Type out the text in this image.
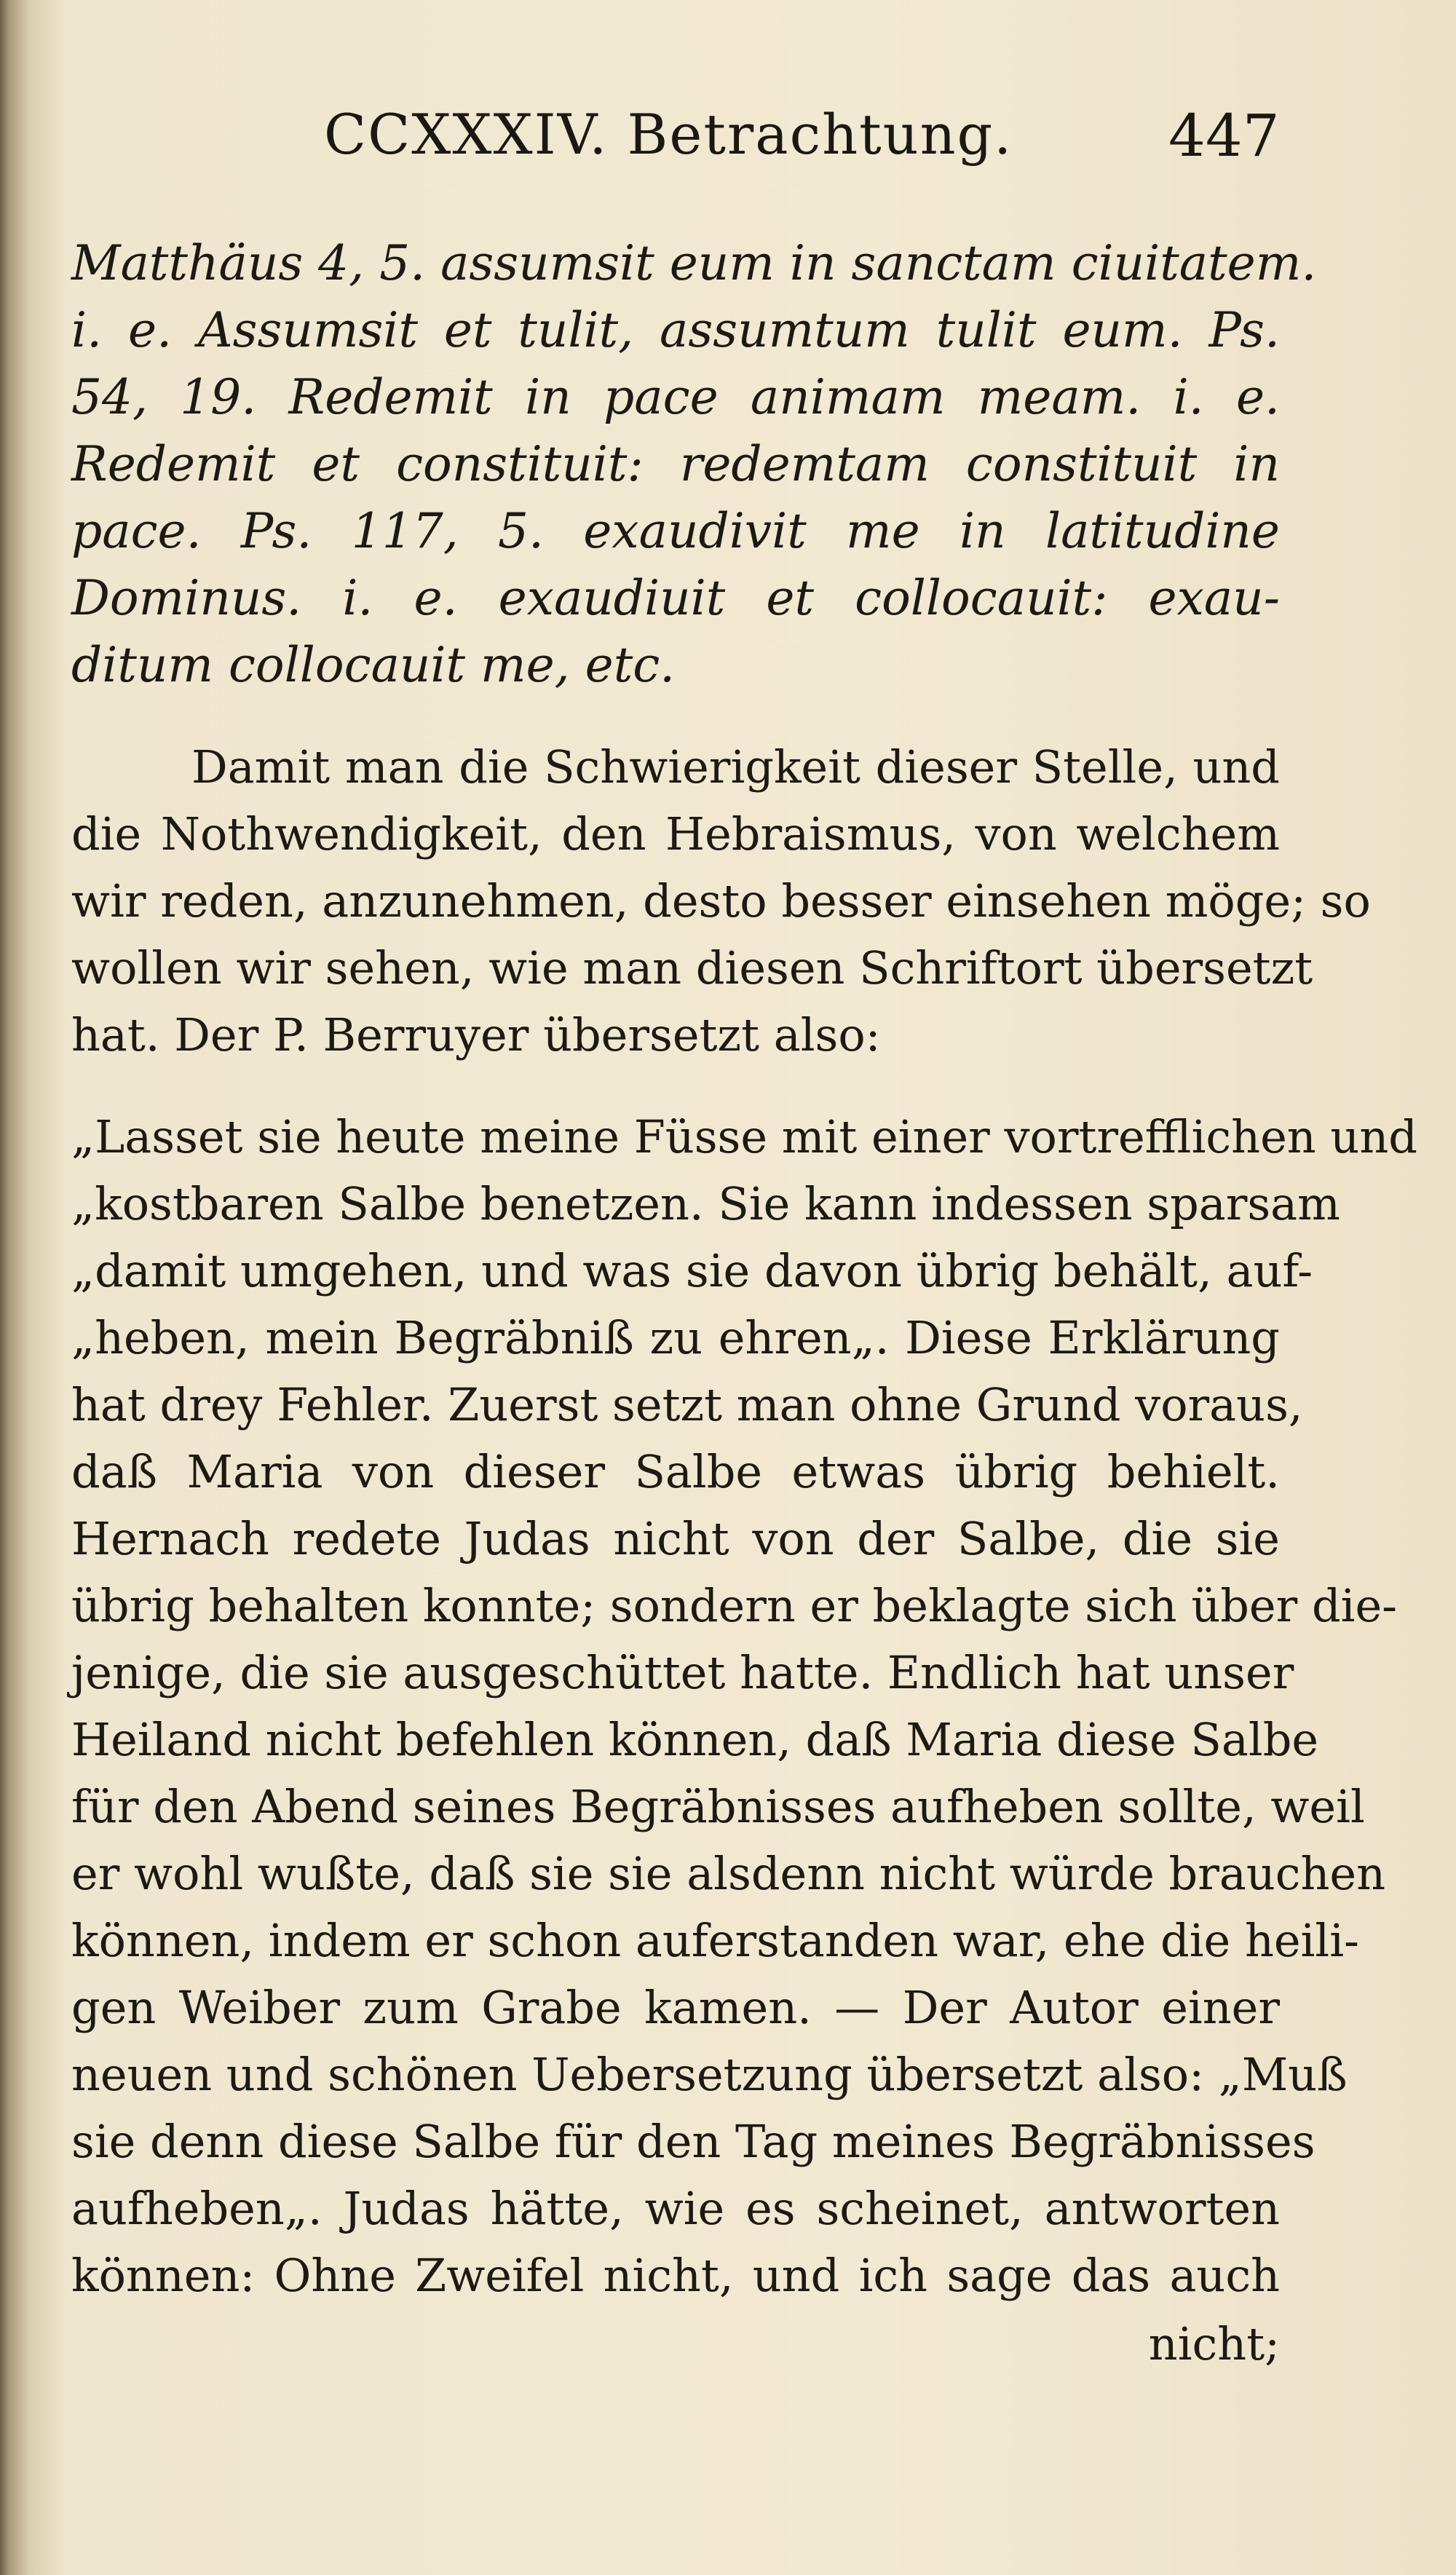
CCXXXIV. Betrachtung.	447
Matthäus 4, 5. assumsit eum in sanctam ciuitatem.
i. e. Assumsit et tulit, assumtum tulit eum. Ps.
54, 19. Redemit in pace animam meam. i. e.
Redemit et constituit: redemtam constituit in
pace. Ps. 117, 5. exaudivit me in latitudine
Dominus. i. e. exaudiuit et collocauit: exau-
ditum collocauit me, etc.
Damit man die Schwierigkeit dieser Stelle, und
die Nothwendigkeit, den Hebraismus, von welchem
wir reden, anzunehmen, desto besser einsehen möge; so
wollen wir sehen, wie man diesen Schriftort übersetzt
hat. Der P. Berruyer übersetzt also:
„Lasset sie heute meine Füsse mit einer vortrefflichen und
„kostbaren Salbe benetzen. Sie kann indessen sparsam
„damit umgehen, und was sie davon übrig behält, auf-
„heben, mein Begräbniß zu ehren„. Diese Erklärung
hat drey Fehler. Zuerst setzt man ohne Grund voraus,
daß Maria von dieser Salbe etwas übrig behielt.
Hernach redete Judas nicht von der Salbe, die sie
übrig behalten konnte; sondern er beklagte sich über die-
jenige, die sie ausgeschüttet hatte. Endlich hat unser
Heiland nicht befehlen können, daß Maria diese Salbe
für den Abend seines Begräbnisses aufheben sollte, weil
er wohl wußte, daß sie sie alsdenn nicht würde brauchen
können, indem er schon auferstanden war, ehe die heili-
gen Weiber zum Grabe kamen. — Der Autor einer
neuen und schönen Uebersetzung übersetzt also: „Muß
sie denn diese Salbe für den Tag meines Begräbnisses
aufheben„. Judas hätte, wie es scheinet, antworten
können: Ohne Zweifel nicht, und ich sage das auch
nicht;
